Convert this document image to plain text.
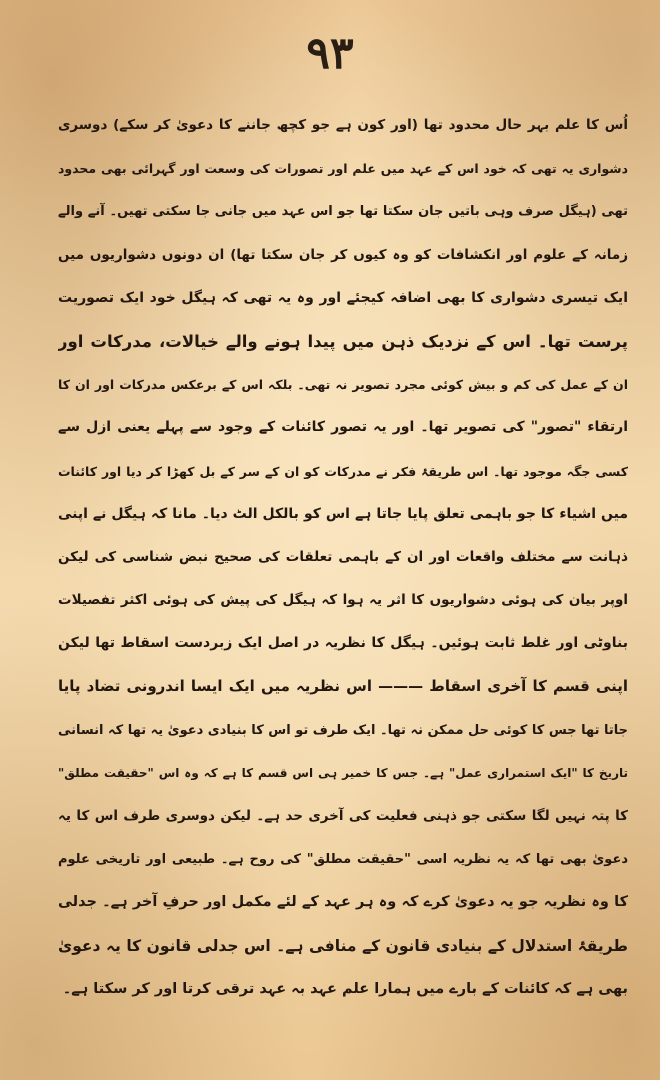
٩٣
اُس کا علم بہر حال محدود تھا (اور کون ہے جو کچھ جاننے کا دعویٰ کر سکے) دوسری
دشواری یہ تھی کہ خود اس کے عہد میں علم اور تصورات کی وسعت اور گہرائی بھی محدود
تھی (ہیگل صرف وہی باتیں جان سکتا تھا جو اس عہد میں جانی جا سکتی تھیں۔ آنے والے
زمانہ کے علوم اور انکشافات کو وہ کیوں کر جان سکتا تھا) ان دونوں دشواریوں میں
ایک تیسری دشواری کا بھی اضافہ کیجئے اور وہ یہ تھی کہ ہیگل خود ایک تصوریت
پرست تھا۔ اس کے نزدیک ذہن میں پیدا ہونے والے خیالات، مدرکات اور
ان کے عمل کی کم و بیش کوئی مجرد تصویر نہ تھی۔ بلکہ اس کے برعکس مدرکات اور ان کا
ارتقاء "تصور" کی تصویر تھا۔ اور یہ تصور کائنات کے وجود سے پہلے یعنی ازل سے
کسی جگہ موجود تھا۔ اس طریقۂ فکر نے مدرکات کو ان کے سر کے بل کھڑا کر دیا اور کائنات
میں اشیاء کا جو باہمی تعلق پایا جاتا ہے اس کو بالکل الٹ دیا۔ مانا کہ ہیگل نے اپنی
ذہانت سے مختلف واقعات اور ان کے باہمی تعلقات کی صحیح نبض شناسی کی لیکن
اوپر بیان کی ہوئی دشواریوں کا اثر یہ ہوا کہ ہیگل کی پیش کی ہوئی اکثر تفصیلات
بناوٹی اور غلط ثابت ہوئیں۔ ہیگل کا نظریہ در اصل ایک زبردست اسقاط تھا لیکن
اپنی قسم کا آخری اسقاط ——— اس نظریہ میں ایک ایسا اندرونی تضاد پایا
جاتا تھا جس کا کوئی حل ممکن نہ تھا۔ ایک طرف تو اس کا بنیادی دعویٰ یہ تھا کہ انسانی
تاریخ کا "ایک استمراری عمل" ہے۔ جس کا خمیر ہی اس قسم کا ہے کہ وہ اس "حقیقت مطلق"
کا پتہ نہیں لگا سکتی جو ذہنی فعلیت کی آخری حد ہے۔ لیکن دوسری طرف اس کا یہ
دعویٰ بھی تھا کہ یہ نظریہ اسی "حقیقت مطلق" کی روح ہے۔ طبیعی اور تاریخی علوم
کا وہ نظریہ جو یہ دعویٰ کرے کہ وہ ہر عہد کے لئے مکمل اور حرفِ آخر ہے۔ جدلی
طریقۂ استدلال کے بنیادی قانون کے منافی ہے۔ اس جدلی قانون کا یہ دعویٰ
بھی ہے کہ کائنات کے بارے میں ہمارا علم عہد بہ عہد ترقی کرتا اور کر سکتا ہے۔
